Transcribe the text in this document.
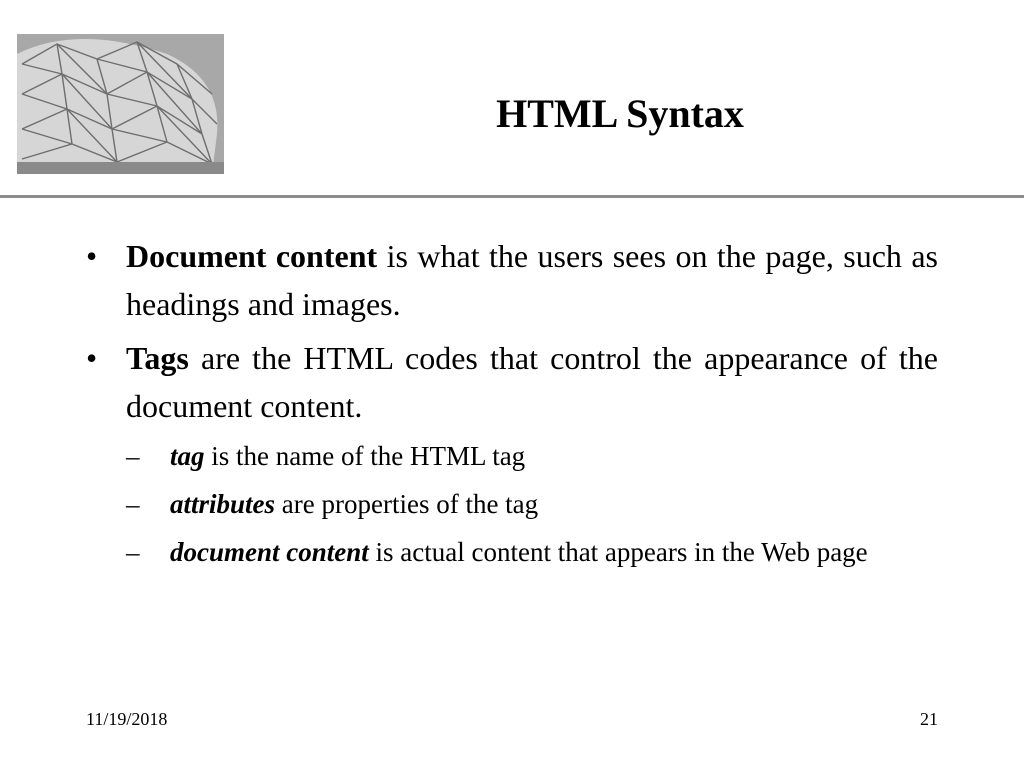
HTML Syntax
• Document content is what the users sees on the page, such as headings and images.
• Tags are the HTML codes that control the appearance of the document content.
–	tag is the name of the HTML tag
–	attributes are properties of the tag
–	document content is actual content that appears in the Web page
11/19/2018	21
